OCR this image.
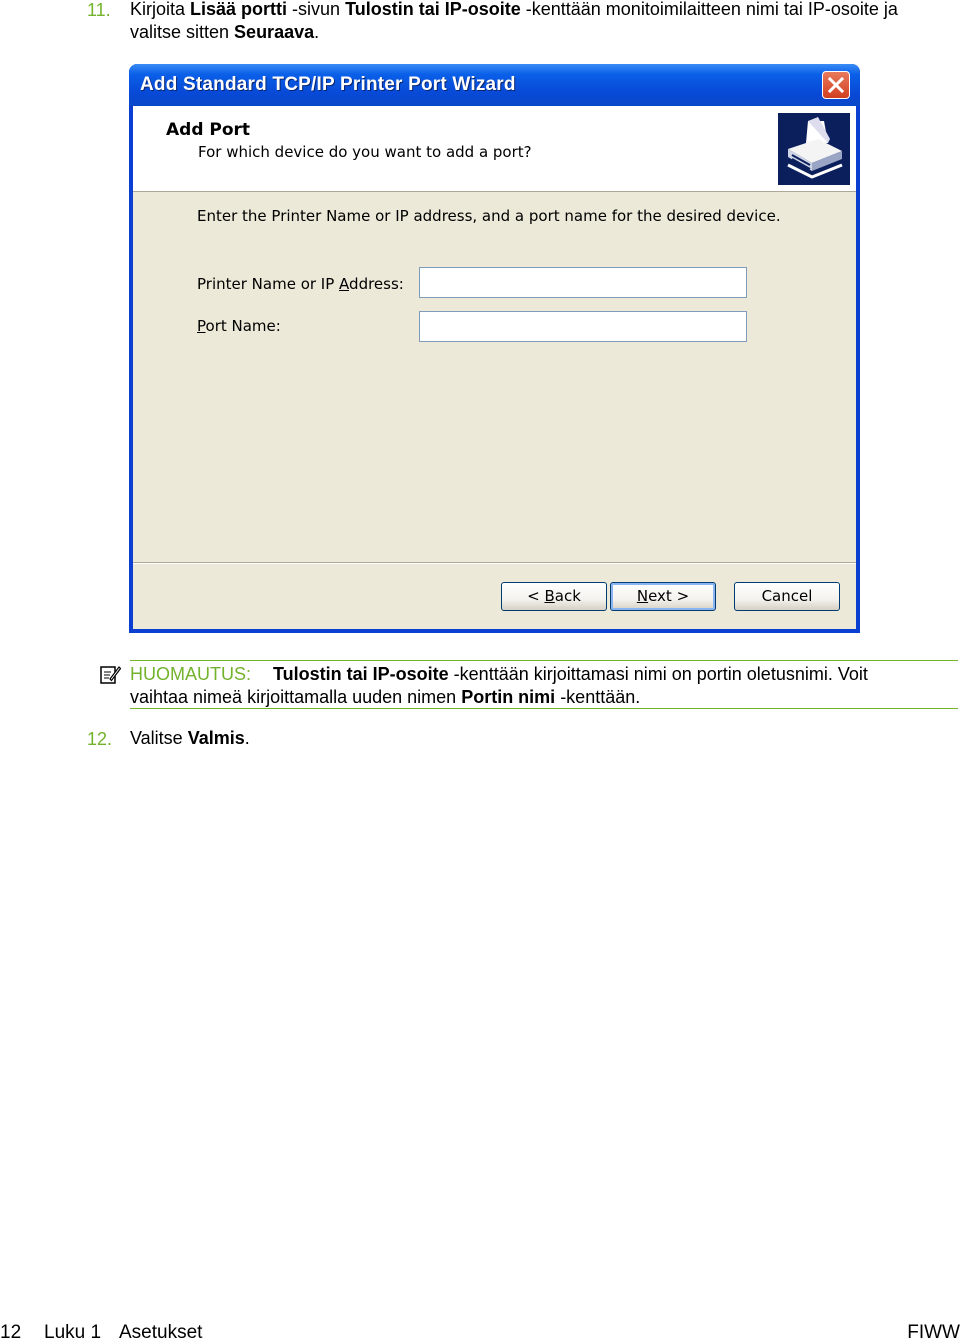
11. Kirjoita Lisää portti -sivun Tulostin tai IP-osoite -kenttään monitoimilaitteen nimi tai IP-osoite ja
valitse sitten Seuraava.
Add Standard TCP/IP Printer Port Wizard
Add Port
For which device do you want to add a port?
Enter the Printer Name or IP address, and a port name for the desired device.
Printer Name or IP Address:
Port Name:
< Back	Next >	Cancel
HUOMAUTUS: Tulostin tai IP-osoite -kenttään kirjoittamasi nimi on portin oletusnimi. Voit
vaihtaa nimeä kirjoittamalla uuden nimen Portin nimi -kenttään.
12. Valitse Valmis.
12 Luku 1 Asetukset	FIWW
